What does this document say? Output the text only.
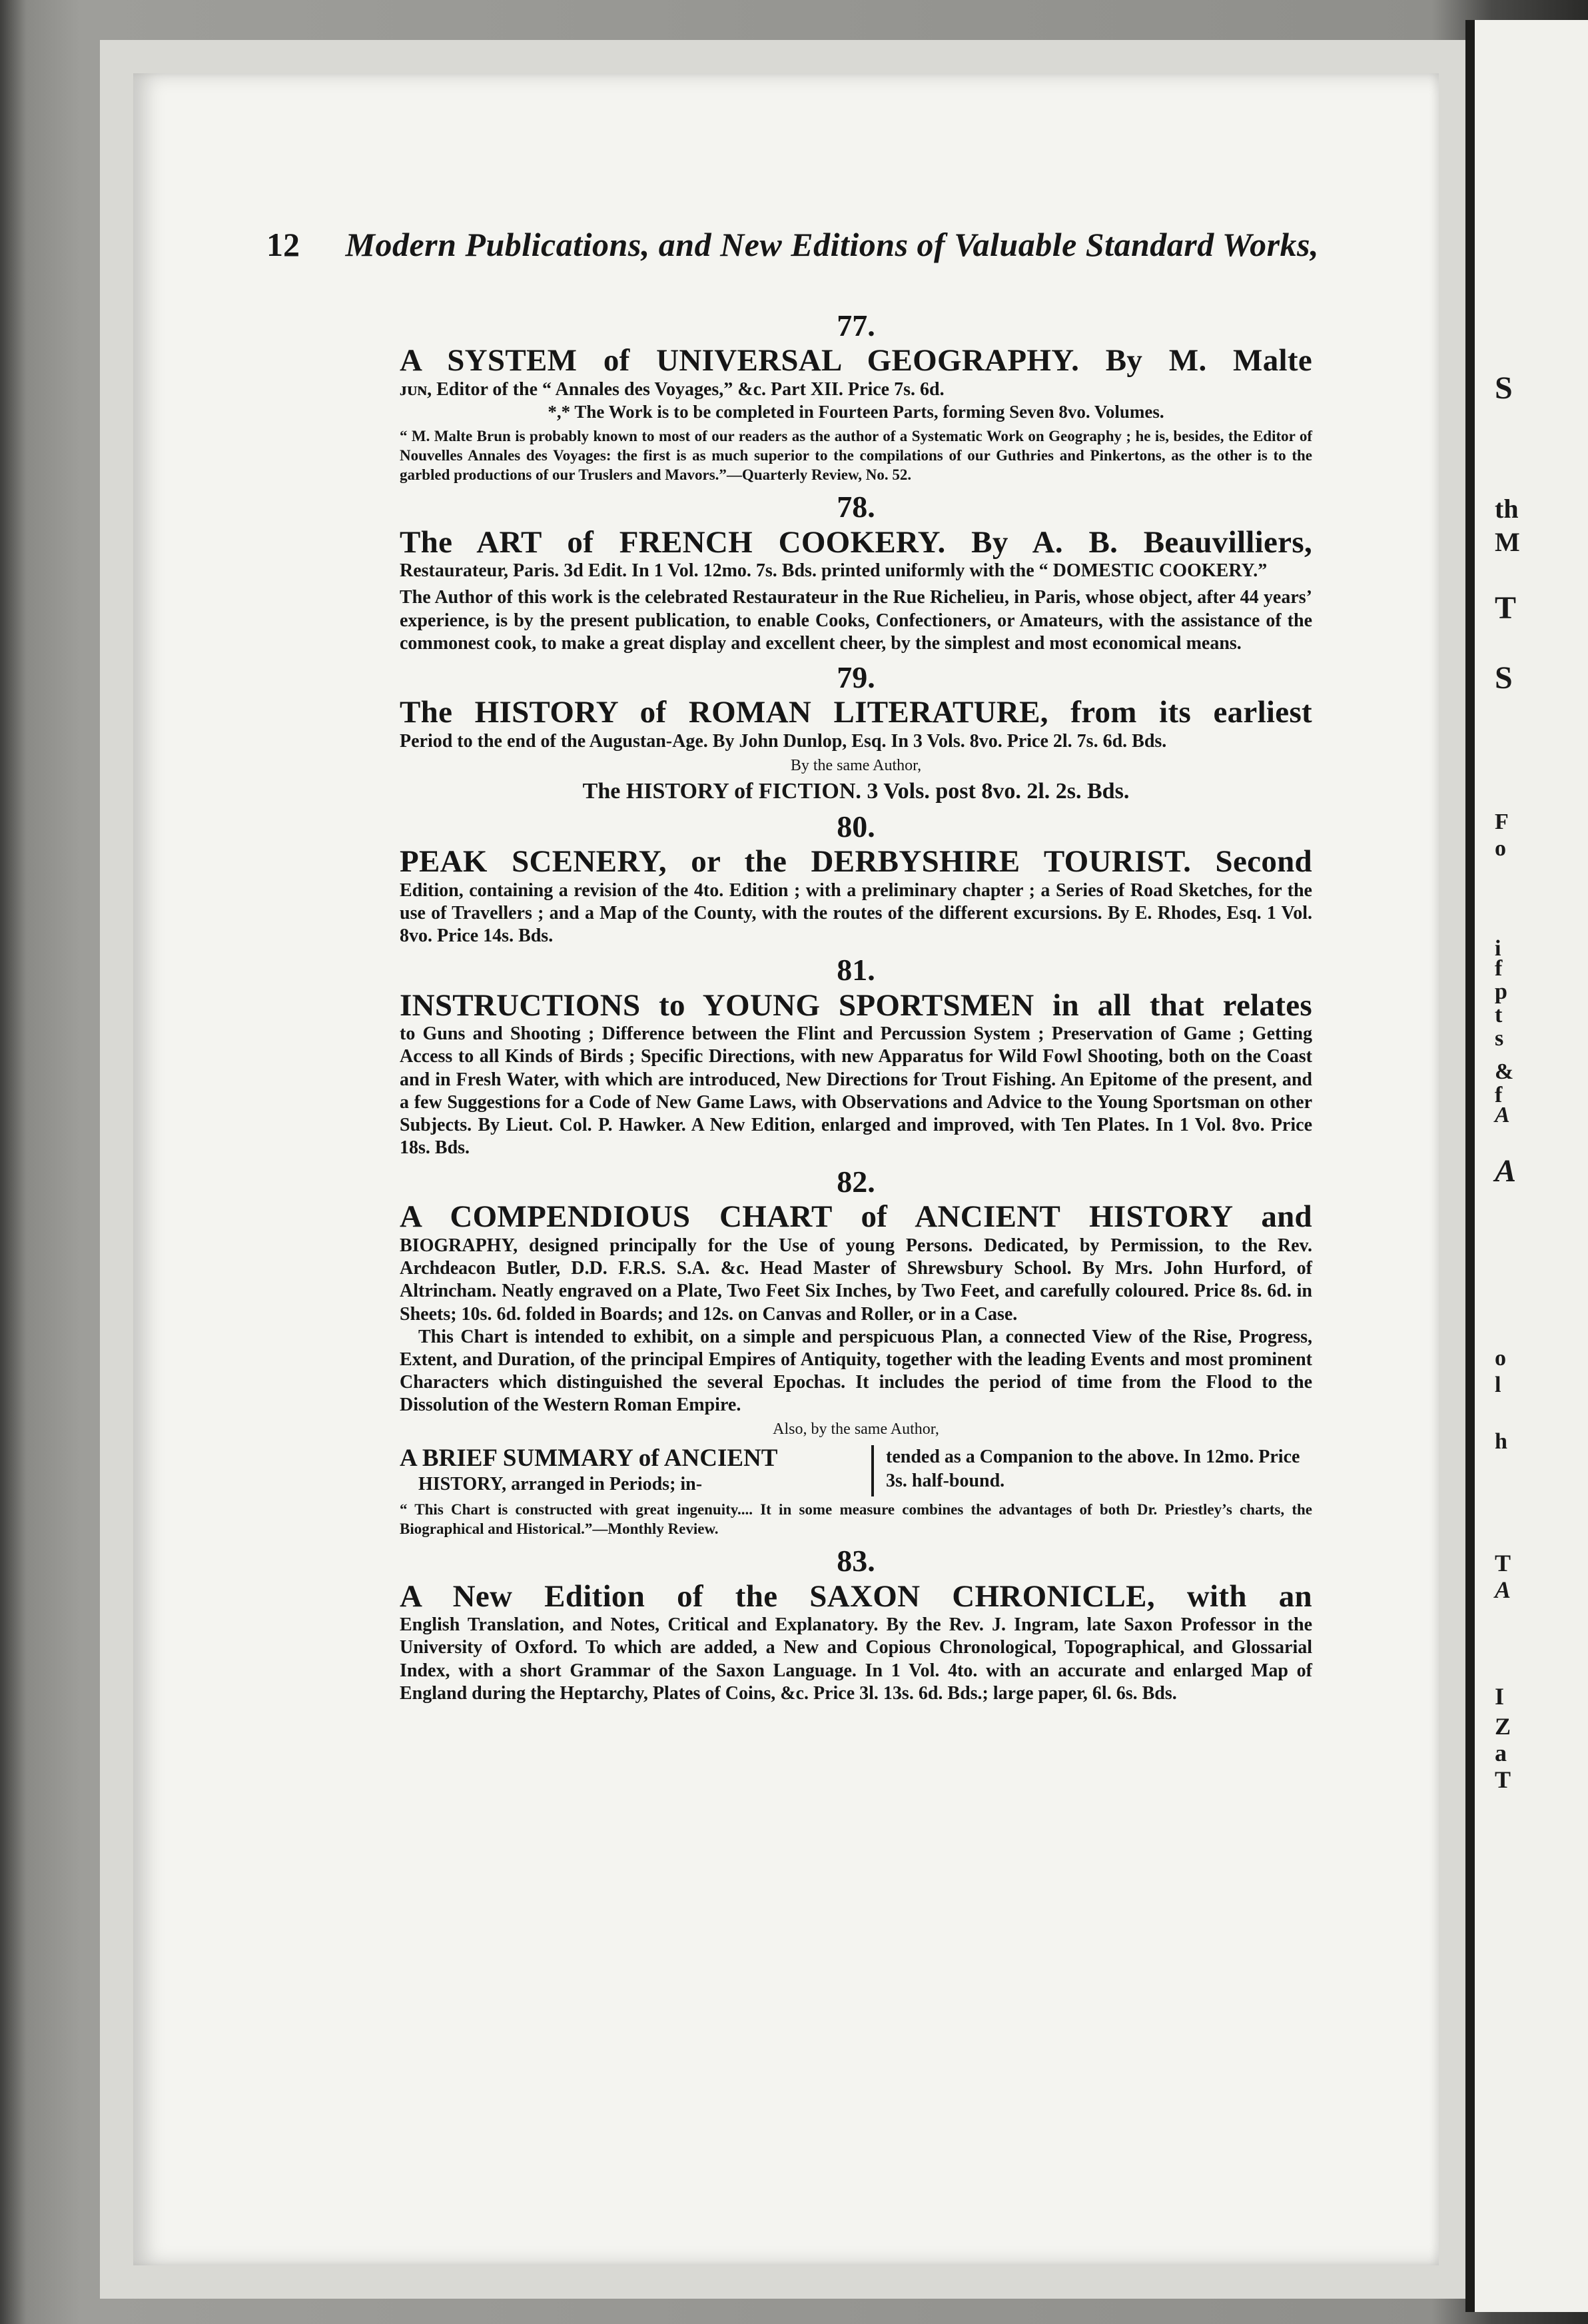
S
th
M
T
S
F
o
i
f
p
t
s
&
f
A
A
o
l
h
T
A
I
Z
a
T
12 Modern Publications, and New Editions of Valuable Standard Works,
77.
A SYSTEM of UNIVERSAL GEOGRAPHY. By M. Malte
ᴊᴜɴ, Editor of the “ Annales des Voyages,” &c. Part XII. Price 7s. 6d.
*,* The Work is to be completed in Fourteen Parts, forming Seven 8vo. Volumes.
“ M. Malte Brun is probably known to most of our readers as the author of a Systematic Work on Geography ; he is, besides, the Editor of Nouvelles Annales des Voyages: the first is as much superior to the compilations of our Guthries and Pinkertons, as the other is to the garbled productions of our Truslers and Mavors.”—Quarterly Review, No. 52.
78.
The ART of FRENCH COOKERY. By A. B. Beauvilliers,
Restaurateur, Paris. 3d Edit. In 1 Vol. 12mo. 7s. Bds. printed uniformly with the “ DOMESTIC COOKERY.”
The Author of this work is the celebrated Restaurateur in the Rue Richelieu, in Paris, whose object, after 44 years’ experience, is by the present publication, to enable Cooks, Confectioners, or Amateurs, with the assistance of the commonest cook, to make a great display and excellent cheer, by the simplest and most economical means.
79.
The HISTORY of ROMAN LITERATURE, from its earliest
Period to the end of the Augustan-Age. By John Dunlop, Esq. In 3 Vols. 8vo. Price 2l. 7s. 6d. Bds.
By the same Author,
The HISTORY of FICTION. 3 Vols. post 8vo. 2l. 2s. Bds.
80.
PEAK SCENERY, or the DERBYSHIRE TOURIST. Second
Edition, containing a revision of the 4to. Edition ; with a preliminary chapter ; a Series of Road Sketches, for the use of Travellers ; and a Map of the County, with the routes of the different excursions. By E. Rhodes, Esq. 1 Vol. 8vo. Price 14s. Bds.
81.
INSTRUCTIONS to YOUNG SPORTSMEN in all that relates
to Guns and Shooting ; Difference between the Flint and Percussion System ; Preservation of Game ; Getting Access to all Kinds of Birds ; Specific Directions, with new Apparatus for Wild Fowl Shooting, both on the Coast and in Fresh Water, with which are introduced, New Directions for Trout Fishing. An Epitome of the present, and a few Suggestions for a Code of New Game Laws, with Observations and Advice to the Young Sportsman on other Subjects. By Lieut. Col. P. Hawker. A New Edition, enlarged and improved, with Ten Plates. In 1 Vol. 8vo. Price 18s. Bds.
82.
A COMPENDIOUS CHART of ANCIENT HISTORY and
BIOGRAPHY, designed principally for the Use of young Persons. Dedicated, by Permission, to the Rev. Archdeacon Butler, D.D. F.R.S. S.A. &c. Head Master of Shrewsbury School. By Mrs. John Hurford, of Altrincham. Neatly engraved on a Plate, Two Feet Six Inches, by Two Feet, and carefully coloured. Price 8s. 6d. in Sheets; 10s. 6d. folded in Boards; and 12s. on Canvas and Roller, or in a Case.
This Chart is intended to exhibit, on a simple and perspicuous Plan, a connected View of the Rise, Progress, Extent, and Duration, of the principal Empires of Antiquity, together with the leading Events and most prominent Characters which distinguished the several Epochas. It includes the period of time from the Flood to the Dissolution of the Western Roman Empire.
Also, by the same Author,
A BRIEF SUMMARY of ANCIENT
HISTORY, arranged in Periods; in-
tended as a Companion to the above. In 12mo. Price 3s. half-bound.
“ This Chart is constructed with great ingenuity.... It in some measure combines the advantages of both Dr. Priestley’s charts, the Biographical and Historical.”—Monthly Review.
83.
A New Edition of the SAXON CHRONICLE, with an
English Translation, and Notes, Critical and Explanatory. By the Rev. J. Ingram, late Saxon Professor in the University of Oxford. To which are added, a New and Copious Chronological, Topographical, and Glossarial Index, with a short Grammar of the Saxon Language. In 1 Vol. 4to. with an accurate and enlarged Map of England during the Heptarchy, Plates of Coins, &c. Price 3l. 13s. 6d. Bds.; large paper, 6l. 6s. Bds.
